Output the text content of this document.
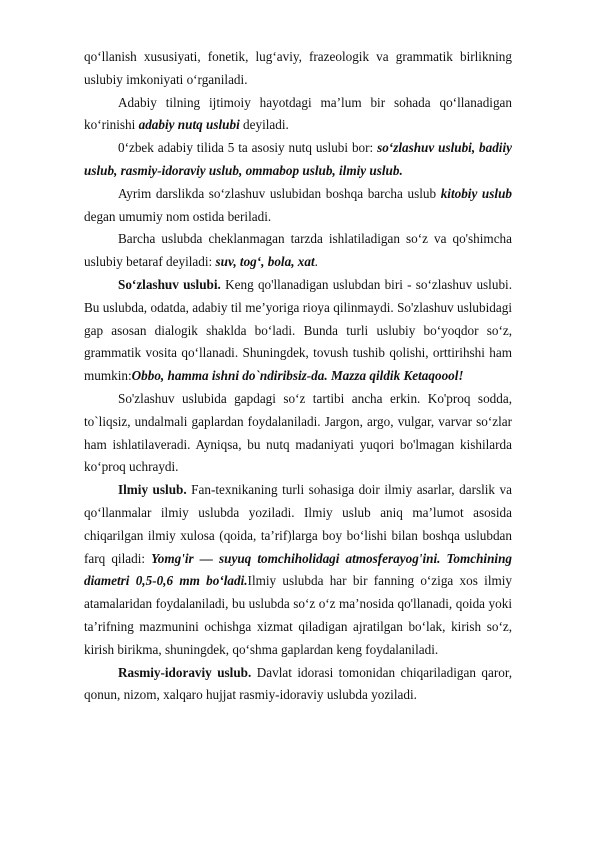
qo‘llanish xususiyati, fonetik, lug‘aviy, frazeologik va grammatik birlikning uslubiy imkoniyati o‘rganiladi.

Adabiy tilning ijtimoiy hayotdagi ma’lum bir sohada qo‘llanadigan ko‘rinishi adabiy nutq uslubi deyiladi.

0‘zbek adabiy tilida 5 ta asosiy nutq uslubi bor: so‘zlashuv uslubi, badiiy uslub, rasmiy-idoraviy uslub, ommabop uslub, ilmiy uslub.

Ayrim darslikda so‘zlashuv uslubidan boshqa barcha uslub kitobiy uslub degan umumiy nom ostida beriladi.

Barcha uslubda cheklanmagan tarzda ishlatiladigan so‘z va qo'shimcha uslubiy betaraf deyiladi: suv, tog‘, bola, xat.

So‘zlashuv uslubi. Keng qo'llanadigan uslubdan biri - so‘zlashuv uslubi. Bu uslubda, odatda, adabiy til me’yoriga rioya qilinmaydi. So'zlashuv uslubidagi gap asosan dialogik shaklda bo‘ladi. Bunda turli uslubiy bo‘yoqdor so‘z, grammatik vosita qo‘llanadi. Shuningdek, tovush tushib qolishi, orttirihshi ham mumkin:Obbo, hamma ishni do`ndiribsiz-da. Mazza qildik Ketaqoool!

So'zlashuv uslubida gapdagi so‘z tartibi ancha erkin. Ko'proq sodda, to`liqsiz, undalmali gaplardan foydalaniladi. Jargon, argo, vulgar, varvar so‘zlar ham ishlatilaveradi. Ayniqsa, bu nutq madaniyati yuqori bo'lmagan kishilarda ko‘proq uchraydi.

Ilmiy uslub. Fan-texnikaning turli sohasiga doir ilmiy asarlar, darslik va qo‘llanmalar ilmiy uslubda yoziladi. Ilmiy uslub aniq ma’lumot asosida chiqarilgan ilmiy xulosa (qoida, ta’rif)larga boy bo‘lishi bilan boshqa uslubdan farq qiladi: Yomg'ir — suyuq tomchiholidagi atmosferayog'ini. Tomchining diametri 0,5-0,6 mm bo‘ladi.Ilmiy uslubda har bir fanning o‘ziga xos ilmiy atamalaridan foydalaniladi, bu uslubda so‘z o‘z ma’nosida qo'llanadi, qoida yoki ta’rifning mazmunini ochishga xizmat qiladigan ajratilgan bo‘lak, kirish so‘z, kirish birikma, shuningdek, qo‘shma gaplardan keng foydalaniladi.

Rasmiy-idoraviy uslub. Davlat idorasi tomonidan chiqariladigan qaror, qonun, nizom, xalqaro hujjat rasmiy-idoraviy uslubda yoziladi.
